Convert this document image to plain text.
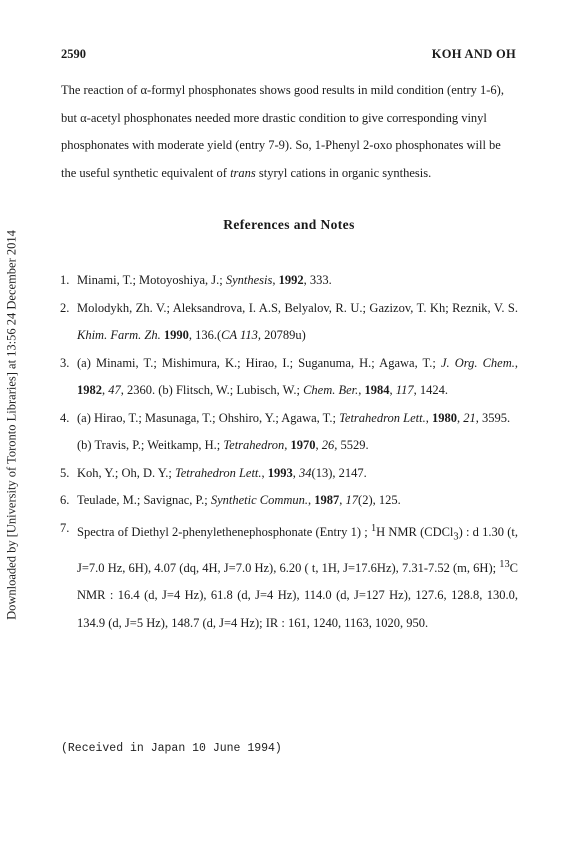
Downloaded by [University of Toronto Libraries] at 13:56 24 December 2014
2590	KOH AND OH

The reaction of α-formyl phosphonates shows good results in mild condition (entry 1-6), but α-acetyl phosphonates needed more drastic condition to give corresponding vinyl phosphonates with moderate yield (entry 7-9). So, 1-Phenyl 2-oxo phosphonates will be the useful synthetic equivalent of trans styryl cations in organic synthesis.

References and Notes
1. Minami, T.; Motoyoshiya, J.; Synthesis, 1992, 333.
2. Molodykh, Zh. V.; Aleksandrova, I. A.S, Belyalov, R. U.; Gazizov, T. Kh; Reznik, V. S. Khim. Farm. Zh. 1990, 136.(CA 113, 20789u)
3. (a) Minami, T.; Mishimura, K.; Hirao, I.; Suganuma, H.; Agawa, T.; J. Org. Chem., 1982, 47, 2360. (b) Flitsch, W.; Lubisch, W.; Chem. Ber., 1984, 117, 1424.
4. (a) Hirao, T.; Masunaga, T.; Ohshiro, Y.; Agawa, T.; Tetrahedron Lett., 1980, 21, 3595.
(b) Travis, P.; Weitkamp, H.; Tetrahedron, 1970, 26, 5529.
5. Koh, Y.; Oh, D. Y.; Tetrahedron Lett., 1993, 34(13), 2147.
6. Teulade, M.; Savignac, P.; Synthetic Commun., 1987, 17(2), 125.
7. Spectra of Diethyl 2-phenylethenephosphonate (Entry 1) ; $^1$H NMR (CDCl$_3$) : d 1.30 (t, J=7.0 Hz, 6H), 4.07 (dq, 4H, J=7.0 Hz), 6.20 ( t, 1H, J=17.6Hz), 7.31-7.52 (m, 6H); $^{13}$C NMR : 16.4 (d, J=4 Hz), 61.8 (d, J=4 Hz), 114.0 (d, J=127 Hz), 127.6, 128.8, 130.0, 134.9 (d, J=5 Hz), 148.7 (d, J=4 Hz); IR : 161, 1240, 1163, 1020, 950.
(Received in Japan 10 June 1994)
